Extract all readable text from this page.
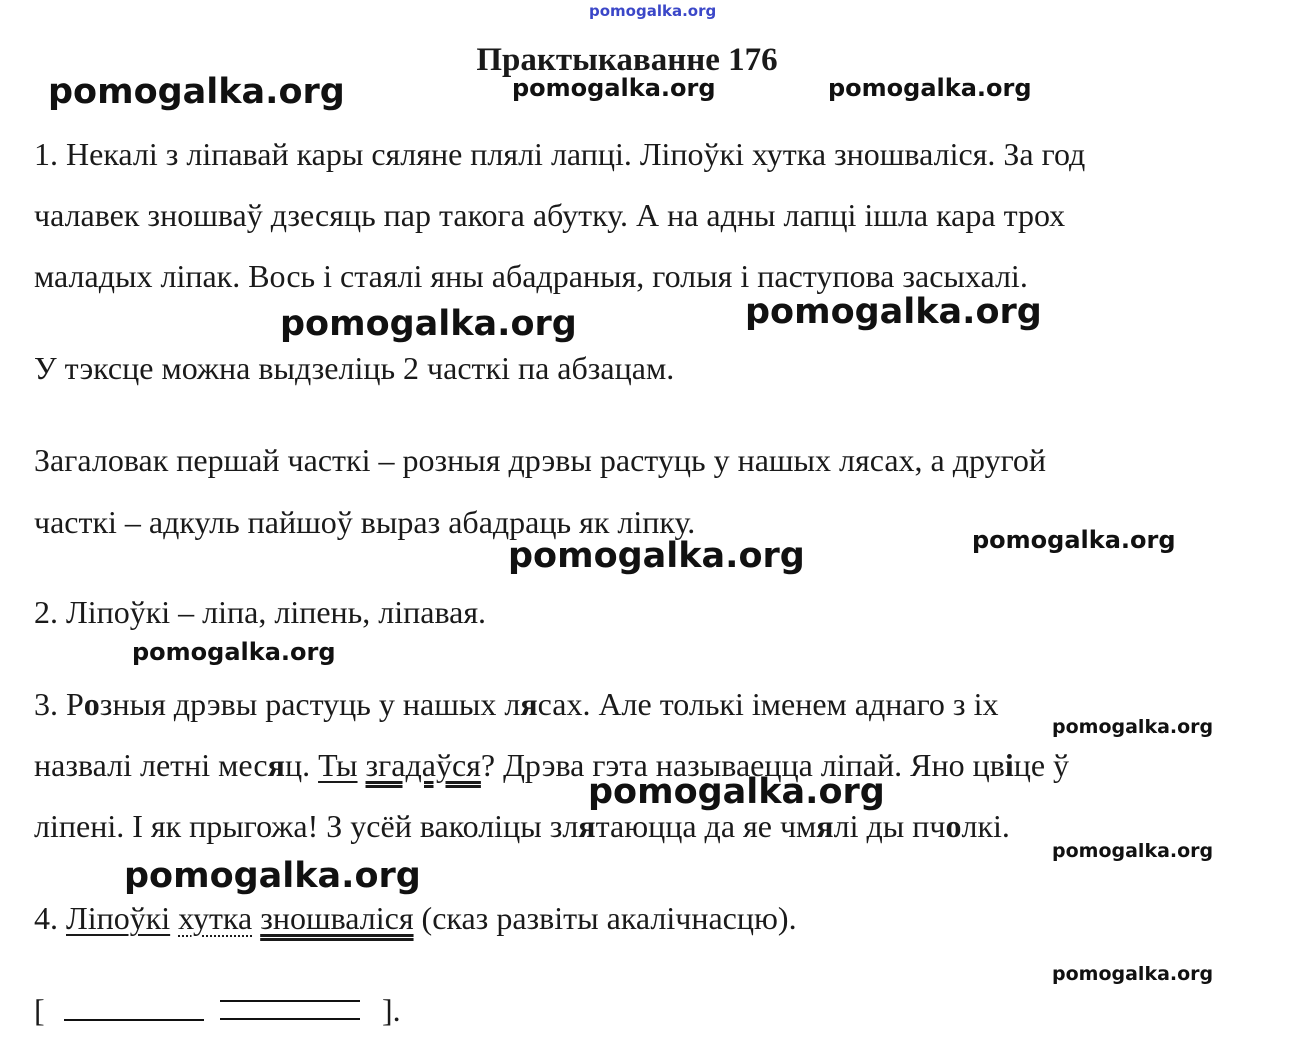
pomogalka.org
Практыкаванне 176
pomogalka.org	pomogalka.org	pomogalka.org
1. Некалі з ліпавай кары сяляне плялі лапці. Ліпоўкі хутка зношваліся. За год
чалавек зношваў дзесяць пар такога абутку. А на адны лапці ішла кара трох
маладых ліпак. Вось і стаялі яны абадраныя, голыя і паступова засыхалі.
pomogalka.org	pomogalka.org
У тэксце можна выдзеліць 2 часткі па абзацам.
Загаловак першай часткі – розныя дрэвы растуць у нашых лясах, а другой
часткі – адкуль пайшоў выраз абадраць як ліпку.
pomogalka.org	pomogalka.org
2. Ліпоўкі – ліпа, ліпень, ліпавая.
pomogalka.org
3. Розныя дрэвы растуць у нашых лясах. Але толькі іменем аднаго з іх
pomogalka.org
назвалі летні месяц. Ты згадаўся? Дрэва гэта называецца ліпай. Яно цвіце ў
pomogalka.org
ліпені. І як прыгожа! З усёй ваколіцы злятаюцца да яе чмялі ды пчолкі.
pomogalka.org
pomogalka.org
4. Ліпоўкі хутка зношваліся (сказ развіты акалічнасцю).
pomogalka.org
[	].
